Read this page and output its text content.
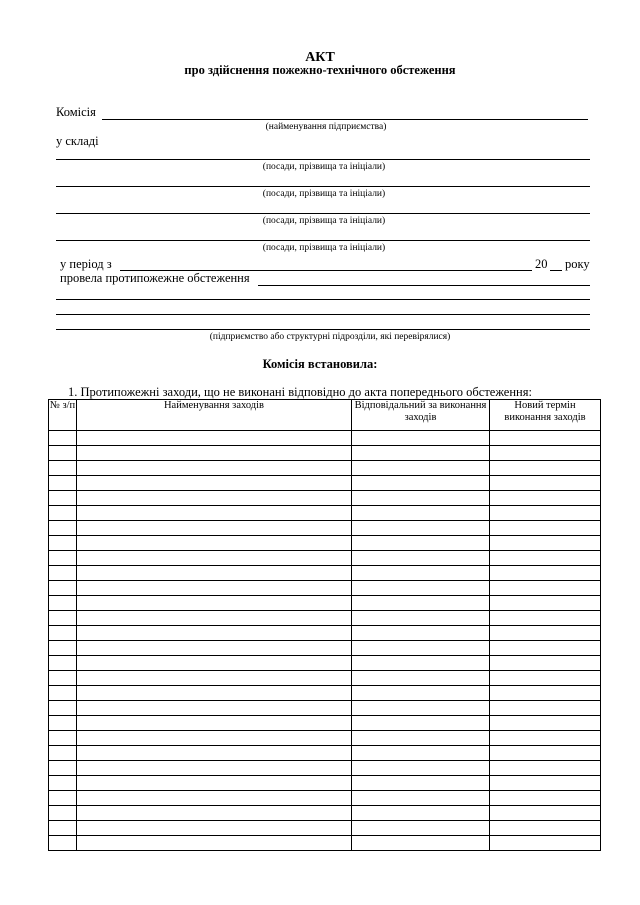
АКТ
про здійснення пожежно-технічного обстеження
Комісія
(найменування підприємства)
у складі
(посади, прізвища та ініціали)
(посади, прізвища та ініціали)
(посади, прізвища та ініціали)
(посади, прізвища та ініціали)
у період з	20 року
провела протипожежне обстеження
(підприємство або структурні підрозділи, які перевірялися)
Комісія встановила:
1. Протипожежні заходи, що не виконані відповідно до акта попереднього обстеження:
№ з/п	Найменування заходів	Відповідальний за виконання заходів	Новий термін виконання заходів
